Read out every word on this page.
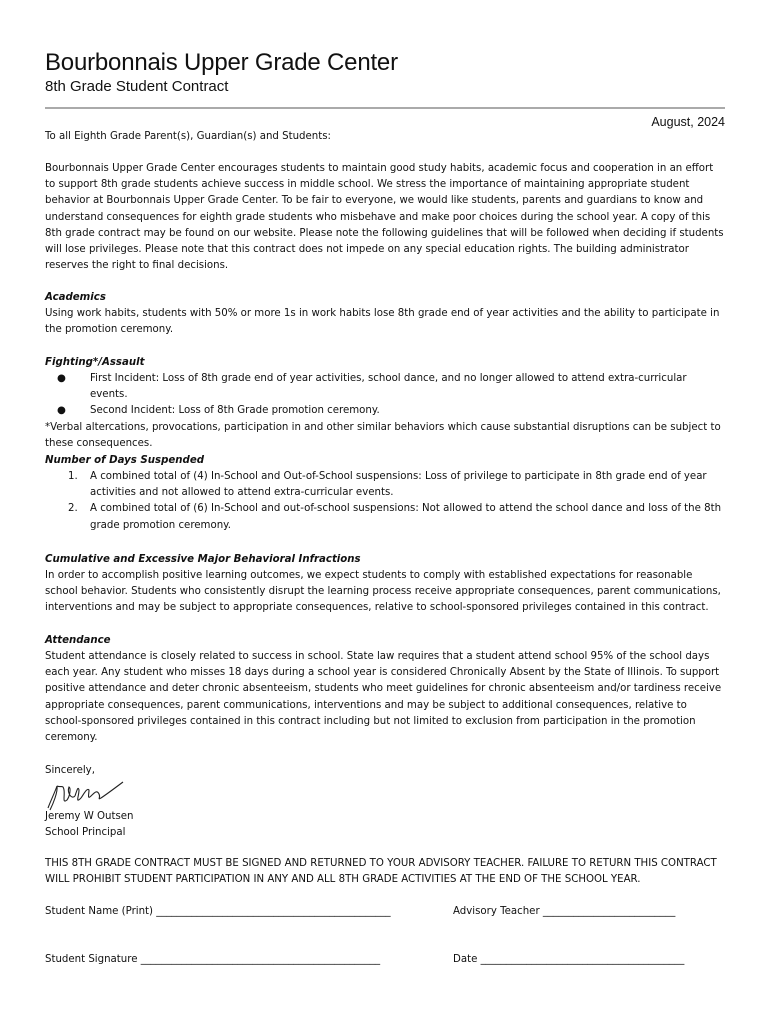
Bourbonnais Upper Grade Center
8th Grade Student Contract
August, 2024
To all Eighth Grade Parent(s), Guardian(s) and Students:
Bourbonnais Upper Grade Center encourages students to maintain good study habits, academic focus and cooperation in an effort to support 8th grade students achieve success in middle school. We stress the importance of maintaining appropriate student behavior at Bourbonnais Upper Grade Center. To be fair to everyone, we would like students, parents and guardians to know and understand consequences for eighth grade students who misbehave and make poor choices during the school year. A copy of this 8th grade contract may be found on our website. Please note the following guidelines that will be followed when deciding if students will lose privileges. Please note that this contract does not impede on any special education rights. The building administrator reserves the right to final decisions.
Academics

Using work habits, students with 50% or more 1s in work habits lose 8th grade end of year activities and the ability to participate in the promotion ceremony.

Fighting*/Assault
● First Incident: Loss of 8th grade end of year activities, school dance, and no longer allowed to attend extra-curricular events.
● Second Incident: Loss of 8th Grade promotion ceremony.

*Verbal altercations, provocations, participation in and other similar behaviors which cause substantial disruptions can be subject to these consequences.

Number of Days Suspended
1. A combined total of (4) In-School and Out-of-School suspensions: Loss of privilege to participate in 8th grade end of year activities and not allowed to attend extra-curricular events.
2. A combined total of (6) In-School and out-of-school suspensions: Not allowed to attend the school dance and loss of the 8th grade promotion ceremony.
Cumulative and Excessive Major Behavioral Infractions

In order to accomplish positive learning outcomes, we expect students to comply with established expectations for reasonable school behavior. Students who consistently disrupt the learning process receive appropriate consequences, parent communications, interventions and may be subject to appropriate consequences, relative to school-sponsored privileges contained in this contract.

Attendance

Student attendance is closely related to success in school. State law requires that a student attend school 95% of the school days each year. Any student who misses 18 days during a school year is considered Chronically Absent by the State of Illinois. To support positive attendance and deter chronic absenteeism, students who meet guidelines for chronic absenteeism and/or tardiness receive appropriate consequences, parent communications, interventions and may be subject to additional consequences, relative to school-sponsored privileges contained in this contract including but not limited to exclusion from participation in the promotion ceremony.

Sincerely,
Jeremy W Outsen
School Principal
THIS 8TH GRADE CONTRACT MUST BE SIGNED AND RETURNED TO YOUR ADVISORY TEACHER. FAILURE TO RETURN THIS CONTRACT WILL PROHIBIT STUDENT PARTICIPATION IN ANY AND ALL 8TH GRADE ACTIVITIES AT THE END OF THE SCHOOL YEAR.
Student Name (Print) ______________________________________________	Advisory Teacher __________________________
Student Signature _______________________________________________	Date ________________________________________
